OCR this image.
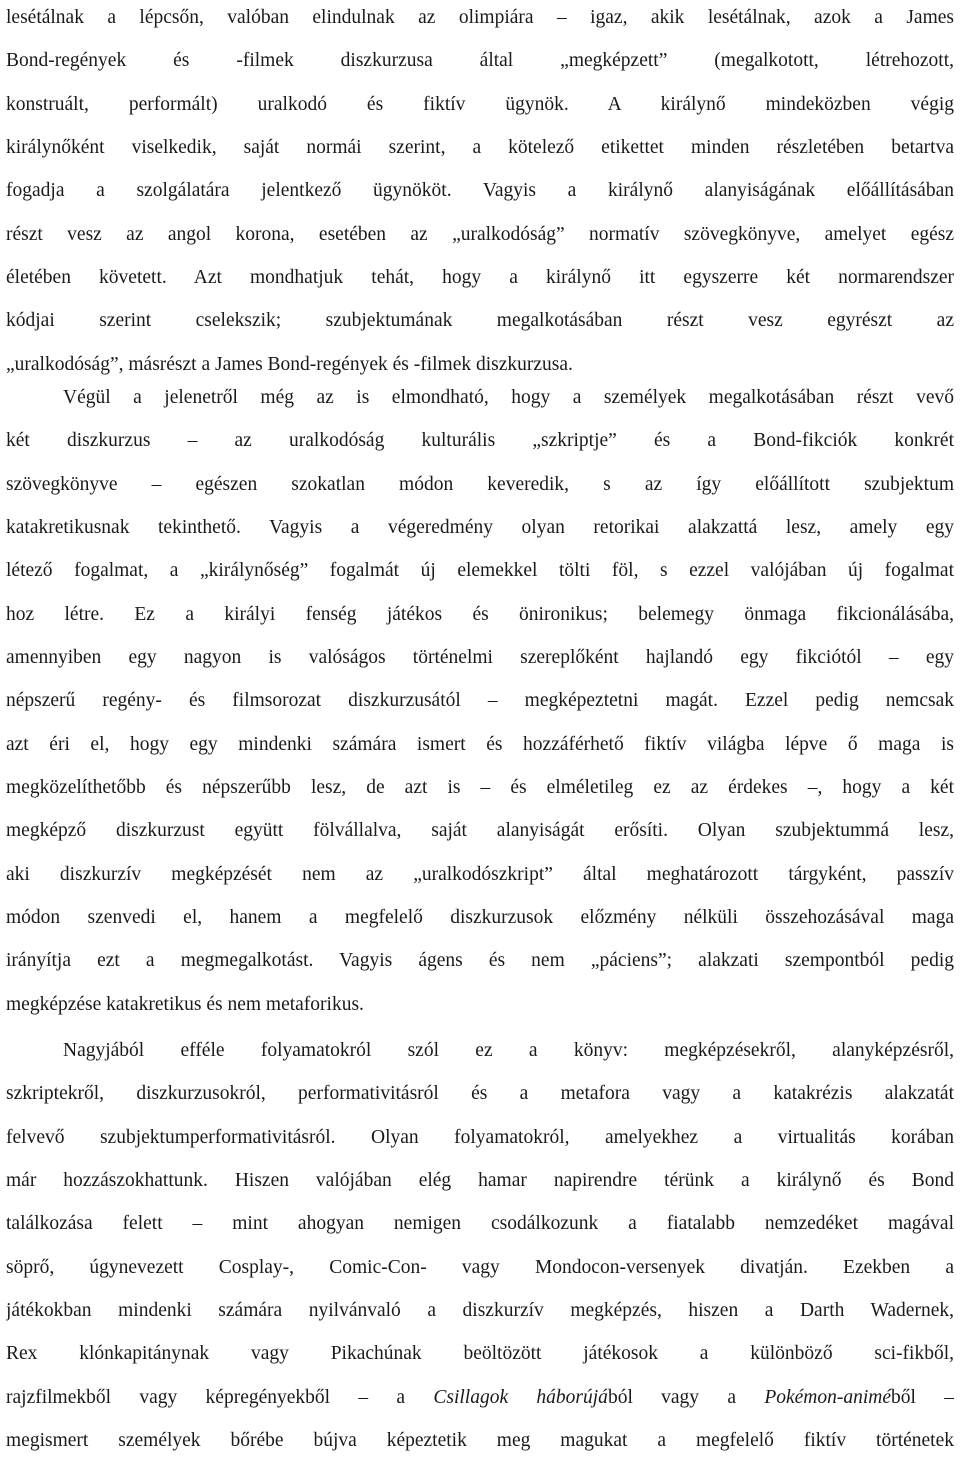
lesétálnak a lépcsőn, valóban elindulnak az olimpiára – igaz, akik lesétálnak, azok a James
Bond-regények és -filmek diszkurzusa által „megképzett” (megalkotott, létrehozott,
konstruált, performált) uralkodó és fiktív ügynök. A királynő mindeközben végig
királynőként viselkedik, saját normái szerint, a kötelező etikettet minden részletében betartva
fogadja a szolgálatára jelentkező ügynököt. Vagyis a királynő alanyiságának előállításában
részt vesz az angol korona, esetében az „uralkodóság” normatív szövegkönyve, amelyet egész
életében követett. Azt mondhatjuk tehát, hogy a királynő itt egyszerre két normarendszer
kódjai szerint cselekszik; szubjektumának megalkotásában részt vesz egyrészt az
„uralkodóság”, másrészt a James Bond-regények és -filmek diszkurzusa.
Végül a jelenetről még az is elmondható, hogy a személyek megalkotásában részt vevő
két diszkurzus – az uralkodóság kulturális „szkriptje” és a Bond-fikciók konkrét
szövegkönyve – egészen szokatlan módon keveredik, s az így előállított szubjektum
katakretikusnak tekinthető. Vagyis a végeredmény olyan retorikai alakzattá lesz, amely egy
létező fogalmat, a „királynőség” fogalmát új elemekkel tölti föl, s ezzel valójában új fogalmat
hoz létre. Ez a királyi fenség játékos és önironikus; belemegy önmaga fikcionálásába,
amennyiben egy nagyon is valóságos történelmi szereplőként hajlandó egy fikciótól – egy
népszerű regény- és filmsorozat diszkurzusától – megképeztetni magát. Ezzel pedig nemcsak
azt éri el, hogy egy mindenki számára ismert és hozzáférhető fiktív világba lépve ő maga is
megközelíthetőbb és népszerűbb lesz, de azt is – és elméletileg ez az érdekes –, hogy a két
megképző diszkurzust együtt fölvállalva, saját alanyiságát erősíti. Olyan szubjektummá lesz,
aki diszkurzív megképzését nem az „uralkodószkript” által meghatározott tárgyként, passzív
módon szenvedi el, hanem a megfelelő diszkurzusok előzmény nélküli összehozásával maga
irányítja ezt a megmegalkotást. Vagyis ágens és nem „páciens”; alakzati szempontból pedig
megképzése katakretikus és nem metaforikus.
Nagyjából efféle folyamatokról szól ez a könyv: megképzésekről, alanyképzésről,
szkriptekről, diszkurzusokról, performativitásról és a metafora vagy a katakrézis alakzatát
felvevő szubjektumperformativitásról. Olyan folyamatokról, amelyekhez a virtualitás korában
már hozzászokhattunk. Hiszen valójában elég hamar napirendre térünk a királynő és Bond
találkozása felett – mint ahogyan nemigen csodálkozunk a fiatalabb nemzedéket magával
söprő, úgynevezett Cosplay-, Comic-Con- vagy Mondocon-versenyek divatján. Ezekben a
játékokban mindenki számára nyilvánvaló a diszkurzív megképzés, hiszen a Darth Wadernek,
Rex klónkapitánynak vagy Pikachúnak beöltözött játékosok a különböző sci-fikből,
rajzfilmekből vagy képregényekből – a Csillagok háborújából vagy a Pokémon-animéből –
megismert személyek bőrébe bújva képeztetik meg magukat a megfelelő fiktív történetek
